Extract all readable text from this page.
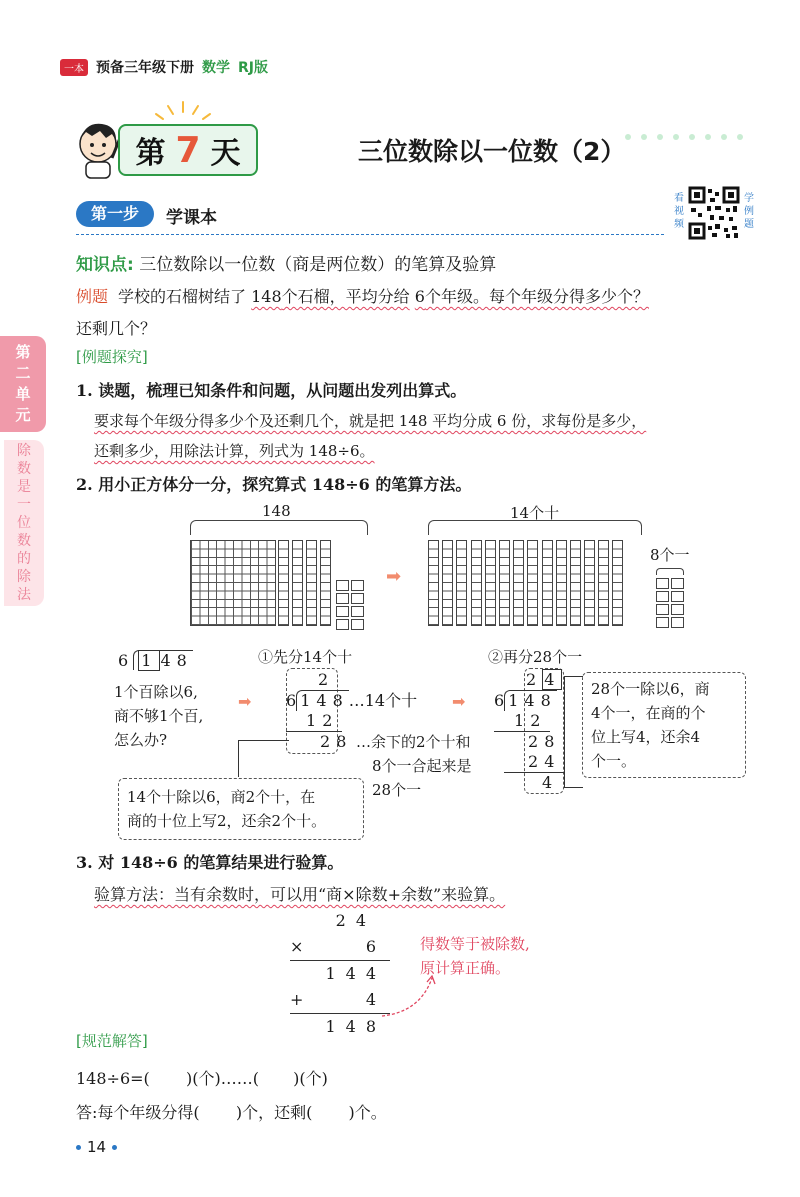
一本 预备三年级下册 数学 RJ版
第 7 天	三位数除以一位数（2）
第一步	学课本
看
视
频
学
例
题
知识点: 三位数除以一位数（商是两位数）的笔算及验算
例题 学校的石榴树结了 148个石榴，平均分给 6个年级。每个年级分得多少个？
还剩几个？
[例题探究]
1. 读题，梳理已知条件和问题，从问题出发列出算式。
要求每个年级分得多少个及还剩几个，就是把 148 平均分成 6 份，求每份是多少，
还剩多少，用除法计算，列式为 148÷6。
2. 用小正方体分一分，探究算式 148÷6 的笔算方法。
148
➡
14个十
8个一
6 1 48
1个百除以6,
商不够1个百,
怎么办?
➡
①先分14个十
2
6 148…14个十
12
28 …余下的2个十和
8个一合起来是
28个一
14个十除以6，商2个十，在
商的十位上写2，还余2个十。
➡
②再分28个一
2 4
6 148
12
28
24
4
28个一除以6，商
4个一，在商的个
位上写4，还余4
个一。
3. 对 148÷6 的笔算结果进行验算。
验算方法：当有余数时，可以用“商×除数+余数”来验算。
24
×	6
144
+	4
148
得数等于被除数,
原计算正确。
[规范解答]
148÷6=( )(个)……( )(个)
答:每个年级分得( )个，还剩( )个。
14
第
二
单
元
除
数
是
一
位
数
的
除
法
